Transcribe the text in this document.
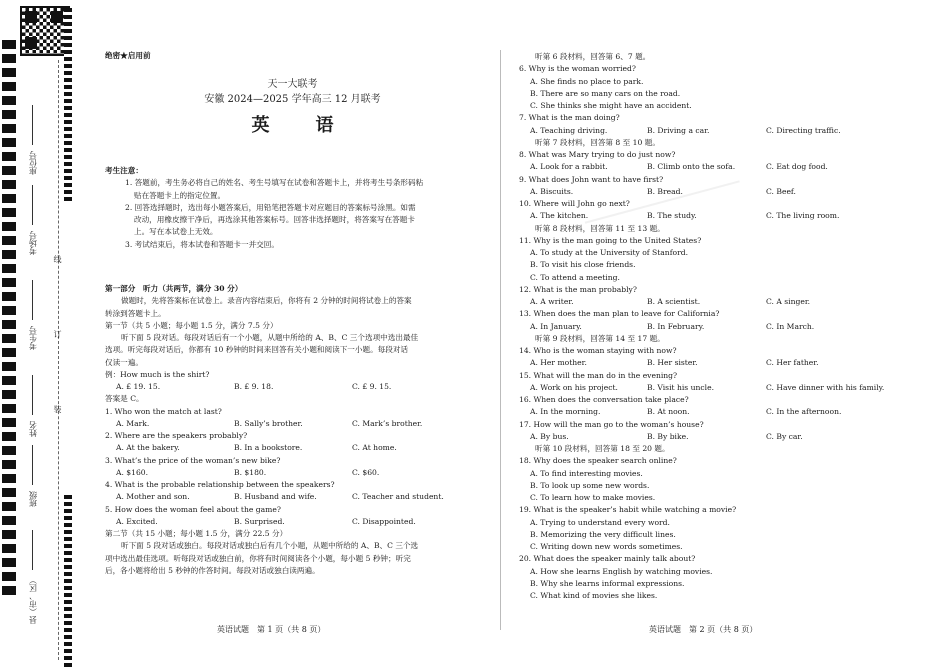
座位号
考场号
考生号
姓名
班级
县（市、区）
线
订
装
绝密★启用前
天一大联考
安徽 2024—2025 学年高三 12 月联考
英　语
考生注意：
1. 答题前，考生务必将自己的姓名、考生号填写在试卷和答题卡上，并将考生号条形码粘
贴在答题卡上的指定位置。
2. 回答选择题时，选出每小题答案后，用铅笔把答题卡对应题目的答案标号涂黑。如需
改动，用橡皮擦干净后，再选涂其他答案标号。回答非选择题时，将答案写在答题卡
上。写在本试卷上无效。
3. 考试结束后，将本试卷和答题卡一并交回。
第一部分　听力（共两节，满分 30 分）
做题时，先将答案标在试卷上。录音内容结束后，你将有 2 分钟的时间将试卷上的答案
转涂到答题卡上。
第一节（共 5 小题；每小题 1.5 分，满分 7.5 分）
听下面 5 段对话。每段对话后有一个小题，从题中所给的 A、B、C 三个选项中选出最佳
选项。听完每段对话后，你都有 10 秒钟的时间来回答有关小题和阅读下一小题。每段对话
仅读一遍。
例：How much is the shirt?
A. £ 19. 15.	B. £ 9. 18.	C. £ 9. 15.
答案是 C。
1. Who won the match at last?
A. Mark.	B. Sally’s brother.	C. Mark’s brother.
2. Where are the speakers probably?
A. At the bakery.	B. In a bookstore.	C. At home.
3. What’s the price of the woman’s new bike?
A. $160.	B. $180.	C. $60.
4. What is the probable relationship between the speakers?
A. Mother and son.	B. Husband and wife.	C. Teacher and student.
5. How does the woman feel about the game?
A. Excited.	B. Surprised.	C. Disappointed.
第二节（共 15 小题；每小题 1.5 分，满分 22.5 分）
听下面 5 段对话或独白。每段对话或独白后有几个小题，从题中所给的 A、B、C 三个选
项中选出最佳选项。听每段对话或独白前，你将有时间阅读各个小题，每小题 5 秒钟；听完
后，各小题将给出 5 秒钟的作答时间。每段对话或独白读两遍。
英语试题　第 1 页（共 8 页）
听第 6 段材料，回答第 6、7 题。
6. Why is the woman worried?
A. She finds no place to park.
B. There are so many cars on the road.
C. She thinks she might have an accident.
7. What is the man doing?
A. Teaching driving.	B. Driving a car.	C. Directing traffic.
听第 7 段材料，回答第 8 至 10 题。
8. What was Mary trying to do just now?
A. Look for a rabbit.	B. Climb onto the sofa.	C. Eat dog food.
9. What does John want to have first?
A. Biscuits.	B. Bread.	C. Beef.
10. Where will John go next?
A. The kitchen.	B. The study.	C. The living room.
听第 8 段材料，回答第 11 至 13 题。
11. Why is the man going to the United States?
A. To study at the University of Stanford.
B. To visit his close friends.
C. To attend a meeting.
12. What is the man probably?
A. A writer.	B. A scientist.	C. A singer.
13. When does the man plan to leave for California?
A. In January.	B. In February.	C. In March.
听第 9 段材料，回答第 14 至 17 题。
14. Who is the woman staying with now?
A. Her mother.	B. Her sister.	C. Her father.
15. What will the man do in the evening?
A. Work on his project.	B. Visit his uncle.	C. Have dinner with his family.
16. When does the conversation take place?
A. In the morning.	B. At noon.	C. In the afternoon.
17. How will the man go to the woman’s house?
A. By bus.	B. By bike.	C. By car.
听第 10 段材料，回答第 18 至 20 题。
18. Why does the speaker search online?
A. To find interesting movies.
B. To look up some new words.
C. To learn how to make movies.
19. What is the speaker’s habit while watching a movie?
A. Trying to understand every word.
B. Memorizing the very difficult lines.
C. Writing down new words sometimes.
20. What does the speaker mainly talk about?
A. How she learns English by watching movies.
B. Why she learns informal expressions.
C. What kind of movies she likes.
英语试题　第 2 页（共 8 页）
